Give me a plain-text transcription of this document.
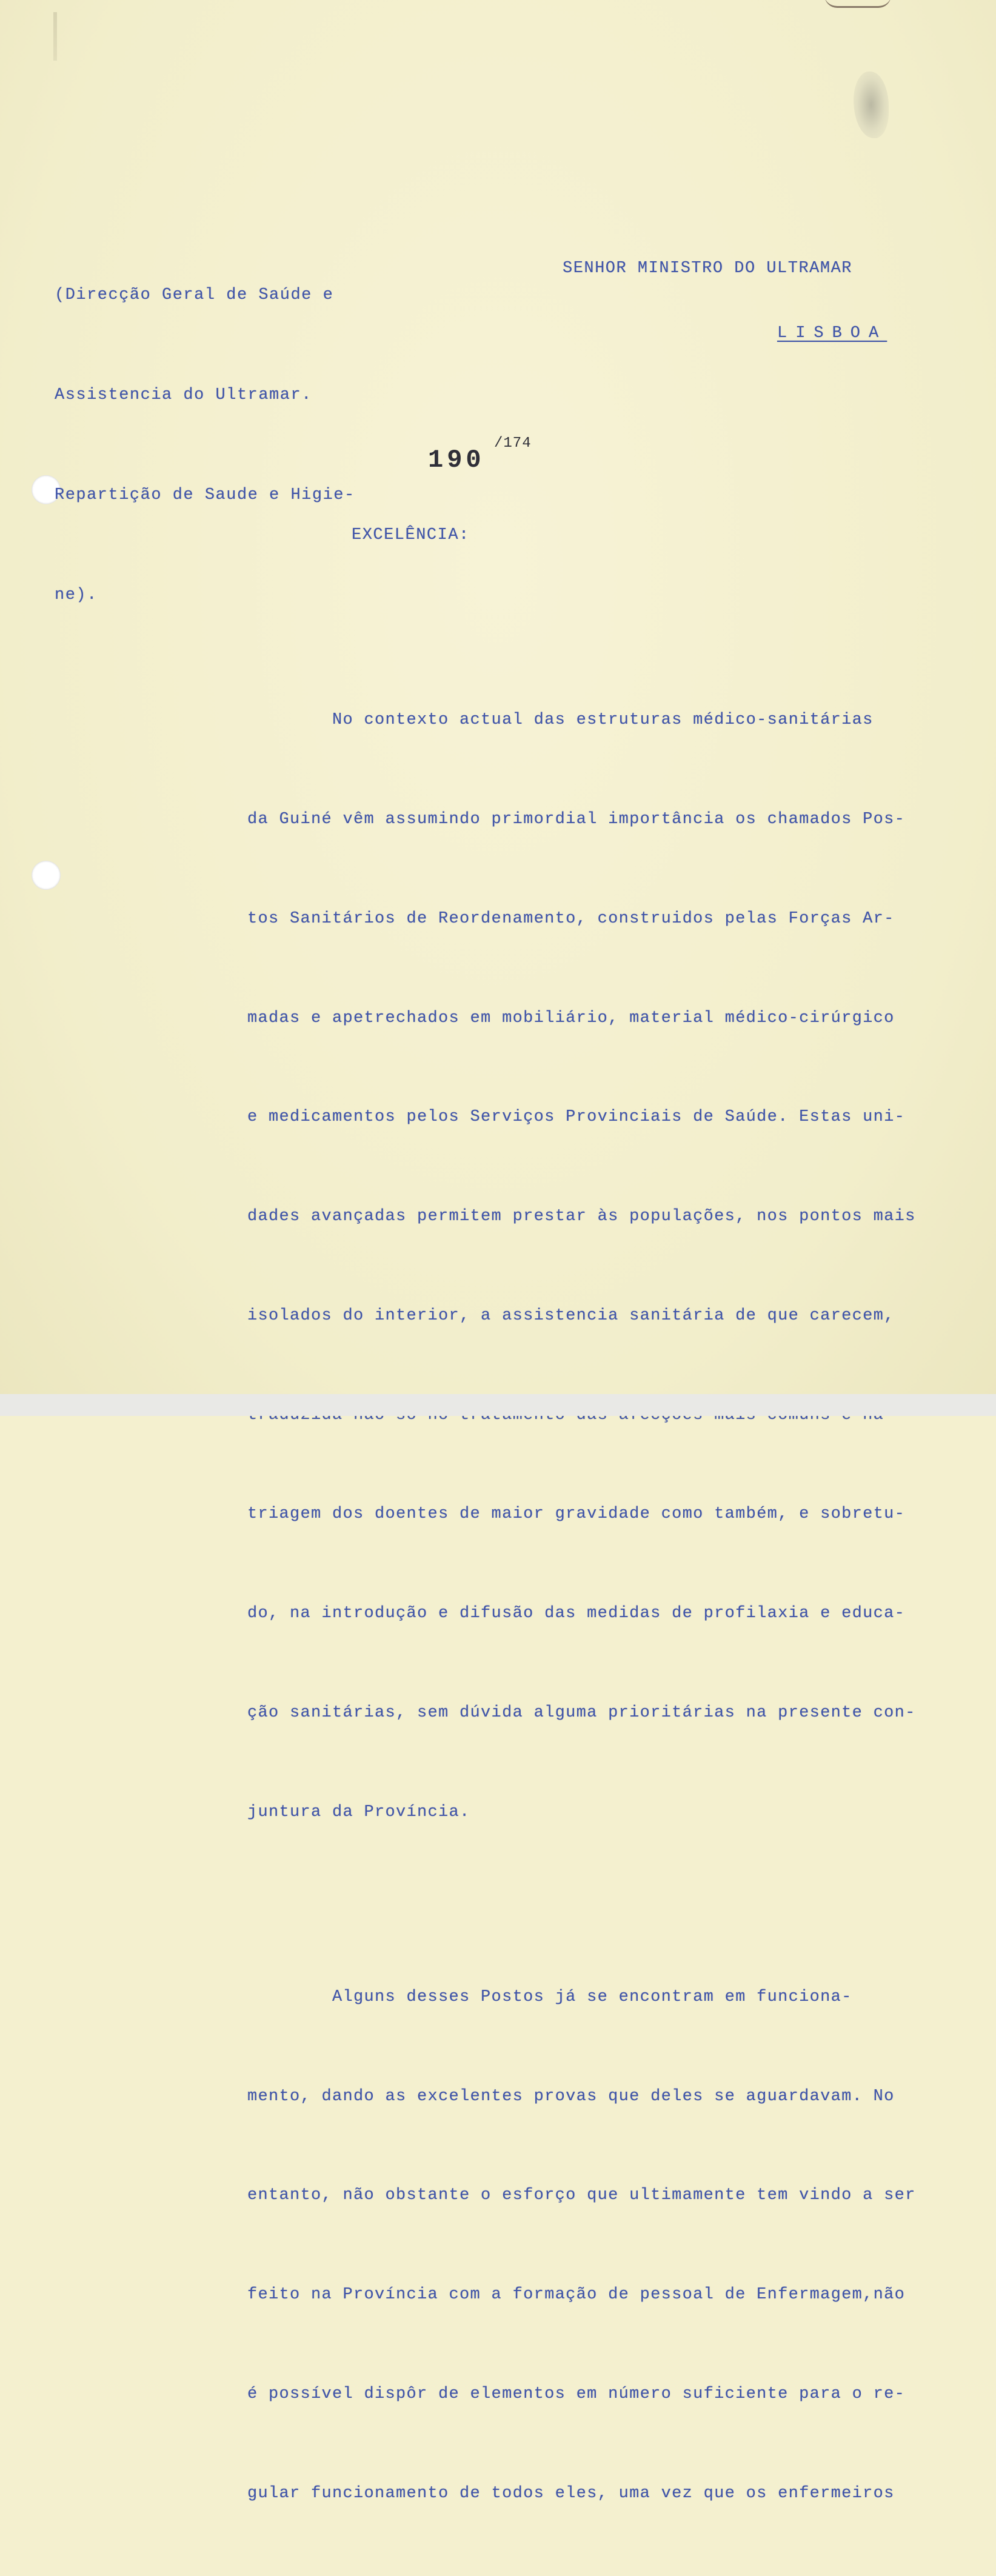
(Direcção Geral de Saúde e

Assistencia do Ultramar.

Repartição de Saude e Higie-

ne).

SENHOR MINISTRO DO ULTRAMAR
LISBOA
190
/174
EXCELÊNCIA:

No contexto actual das estruturas médico-sanitárias

da Guiné vêm assumindo primordial importância os chamados Pos-

tos Sanitários de Reordenamento, construidos pelas Forças Ar-

madas e apetrechados em mobiliário, material médico-cirúrgico

e medicamentos pelos Serviços Provinciais de Saúde. Estas uni-

dades avançadas permitem prestar às populações, nos pontos mais

isolados do interior, a assistencia sanitária de que carecem,

triagem dos doentes de maior gravidade como também, e sobretu-

do, na introdução e difusão das medidas de profilaxia e educa-

ção sanitárias, sem dúvida alguma prioritárias na presente con-

juntura da Província.

Alguns desses Postos já se encontram em funciona-

mento, dando as excelentes provas que deles se aguardavam. No

entanto, não obstante o esforço que ultimamente tem vindo a ser

feito na Província com a formação de pessoal de Enfermagem,não

é possível dispôr de elementos em número suficiente para o re-

gular funcionamento de todos eles, uma vez que os enfermeiros
